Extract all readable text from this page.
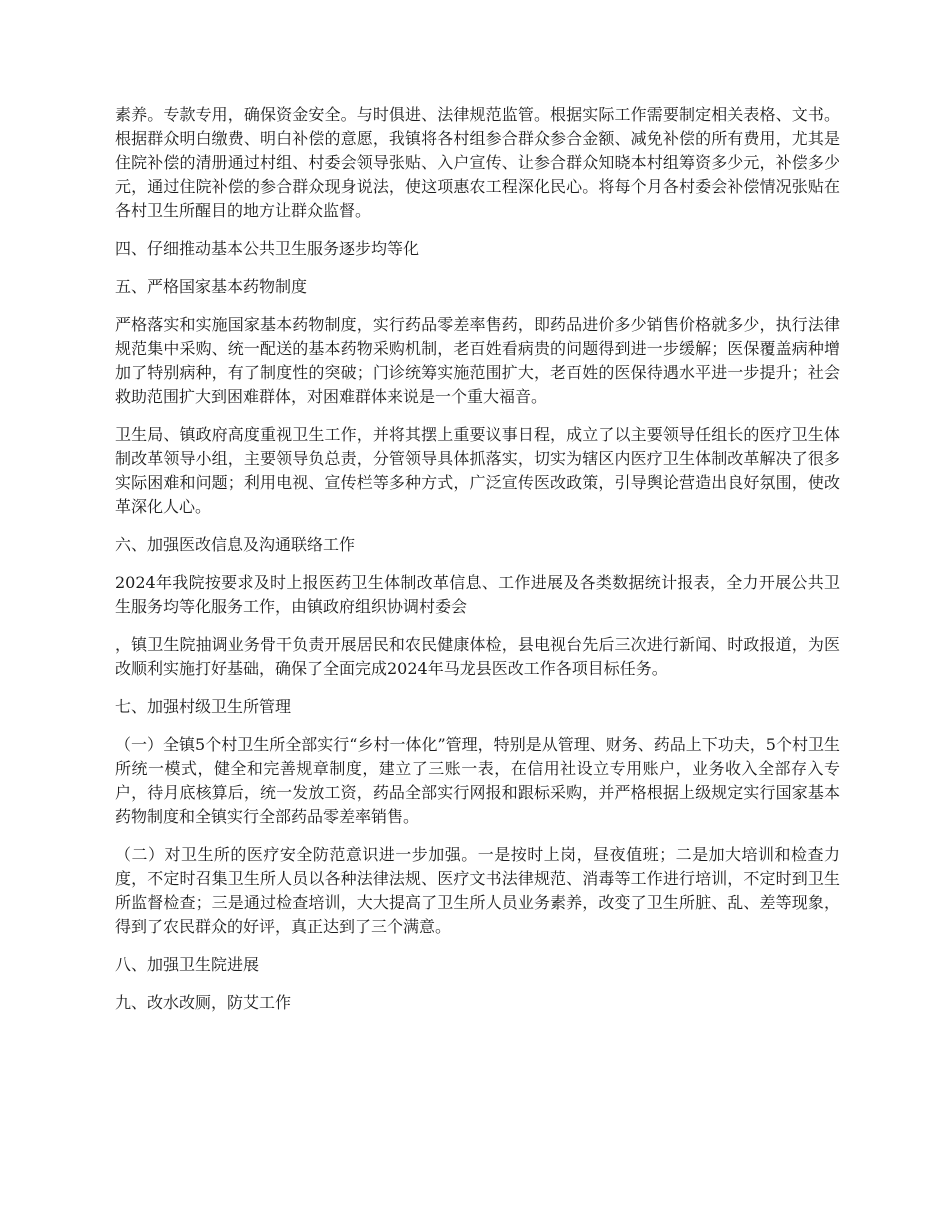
素养。专款专用，确保资金安全。与时俱进、法律规范监管。根据实际工作需要制定相关表格、文书。根据群众明白缴费、明白补偿的意愿，我镇将各村组参合群众参合金额、减免补偿的所有费用，尤其是住院补偿的清册通过村组、村委会领导张贴、入户宣传、让参合群众知晓本村组筹资多少元，补偿多少元，通过住院补偿的参合群众现身说法，使这项惠农工程深化民心。将每个月各村委会补偿情况张贴在各村卫生所醒目的地方让群众监督。

四、仔细推动基本公共卫生服务逐步均等化

五、严格国家基本药物制度

严格落实和实施国家基本药物制度，实行药品零差率售药，即药品进价多少销售价格就多少，执行法律规范集中采购、统一配送的基本药物采购机制，老百姓看病贵的问题得到进一步缓解；医保覆盖病种增加了特别病种，有了制度性的突破；门诊统筹实施范围扩大，老百姓的医保待遇水平进一步提升；社会救助范围扩大到困难群体，对困难群体来说是一个重大福音。

卫生局、镇政府高度重视卫生工作，并将其摆上重要议事日程，成立了以主要领导任组长的医疗卫生体制改革领导小组，主要领导负总责，分管领导具体抓落实，切实为辖区内医疗卫生体制改革解决了很多实际困难和问题；利用电视、宣传栏等多种方式，广泛宣传医改政策，引导舆论营造出良好氛围，使改革深化人心。

六、加强医改信息及沟通联络工作

2024年我院按要求及时上报医药卫生体制改革信息、工作进展及各类数据统计报表，全力开展公共卫生服务均等化服务工作，由镇政府组织协调村委会

，镇卫生院抽调业务骨干负责开展居民和农民健康体检，县电视台先后三次进行新闻、时政报道，为医改顺利实施打好基础，确保了全面完成2024年马龙县医改工作各项目标任务。

七、加强村级卫生所管理

（一）全镇5个村卫生所全部实行“乡村一体化”管理，特别是从管理、财务、药品上下功夫，5个村卫生所统一模式，健全和完善规章制度，建立了三账一表，在信用社设立专用账户，业务收入全部存入专户，待月底核算后，统一发放工资，药品全部实行网报和跟标采购，并严格根据上级规定实行国家基本药物制度和全镇实行全部药品零差率销售。

（二）对卫生所的医疗安全防范意识进一步加强。一是按时上岗，昼夜值班；二是加大培训和检查力度，不定时召集卫生所人员以各种法律法规、医疗文书法律规范、消毒等工作进行培训，不定时到卫生所监督检查；三是通过检查培训，大大提高了卫生所人员业务素养，改变了卫生所脏、乱、差等现象，得到了农民群众的好评，真正达到了三个满意。

八、加强卫生院进展

九、改水改厕，防艾工作
